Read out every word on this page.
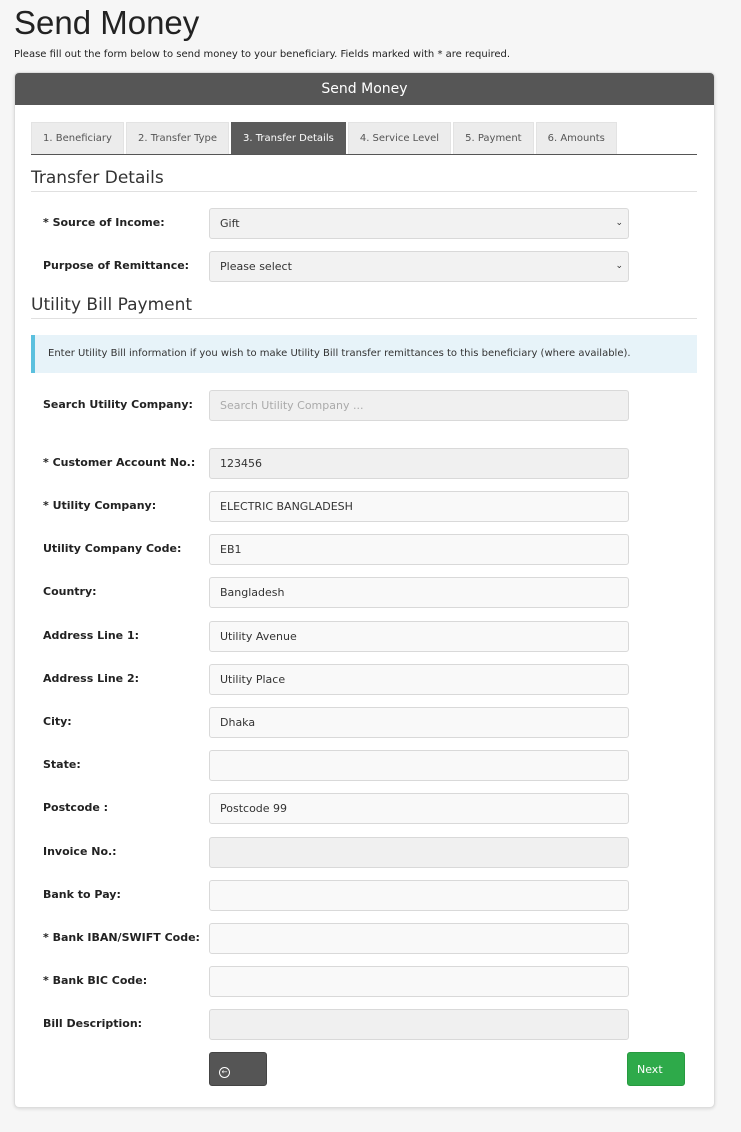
Send Money
Please fill out the form below to send money to your beneficiary. Fields marked with * are required.
Send Money
1. Beneficiary	2. Transfer Type	3. Transfer Details	4. Service Level	5. Payment	6. Amounts
Transfer Details
* Source of Income:	Gift	⌄
Purpose of Remittance:	Please select	⌄
Utility Bill Payment
Enter Utility Bill information if you wish to make Utility Bill transfer remittances to this beneficiary (where available).
Search Utility Company:	Search Utility Company ...
* Customer Account No.:	123456
* Utility Company:	ELECTRIC BANGLADESH
Utility Company Code:	EB1
Country:	Bangladesh
Address Line 1:	Utility Avenue
Address Line 2:	Utility Place
City:	Dhaka
State:
Postcode :	Postcode 99
Invoice No.:
Bank to Pay:
* Bank IBAN/SWIFT Code:
* Bank BIC Code:
Bill Description:
← Back
Next →
